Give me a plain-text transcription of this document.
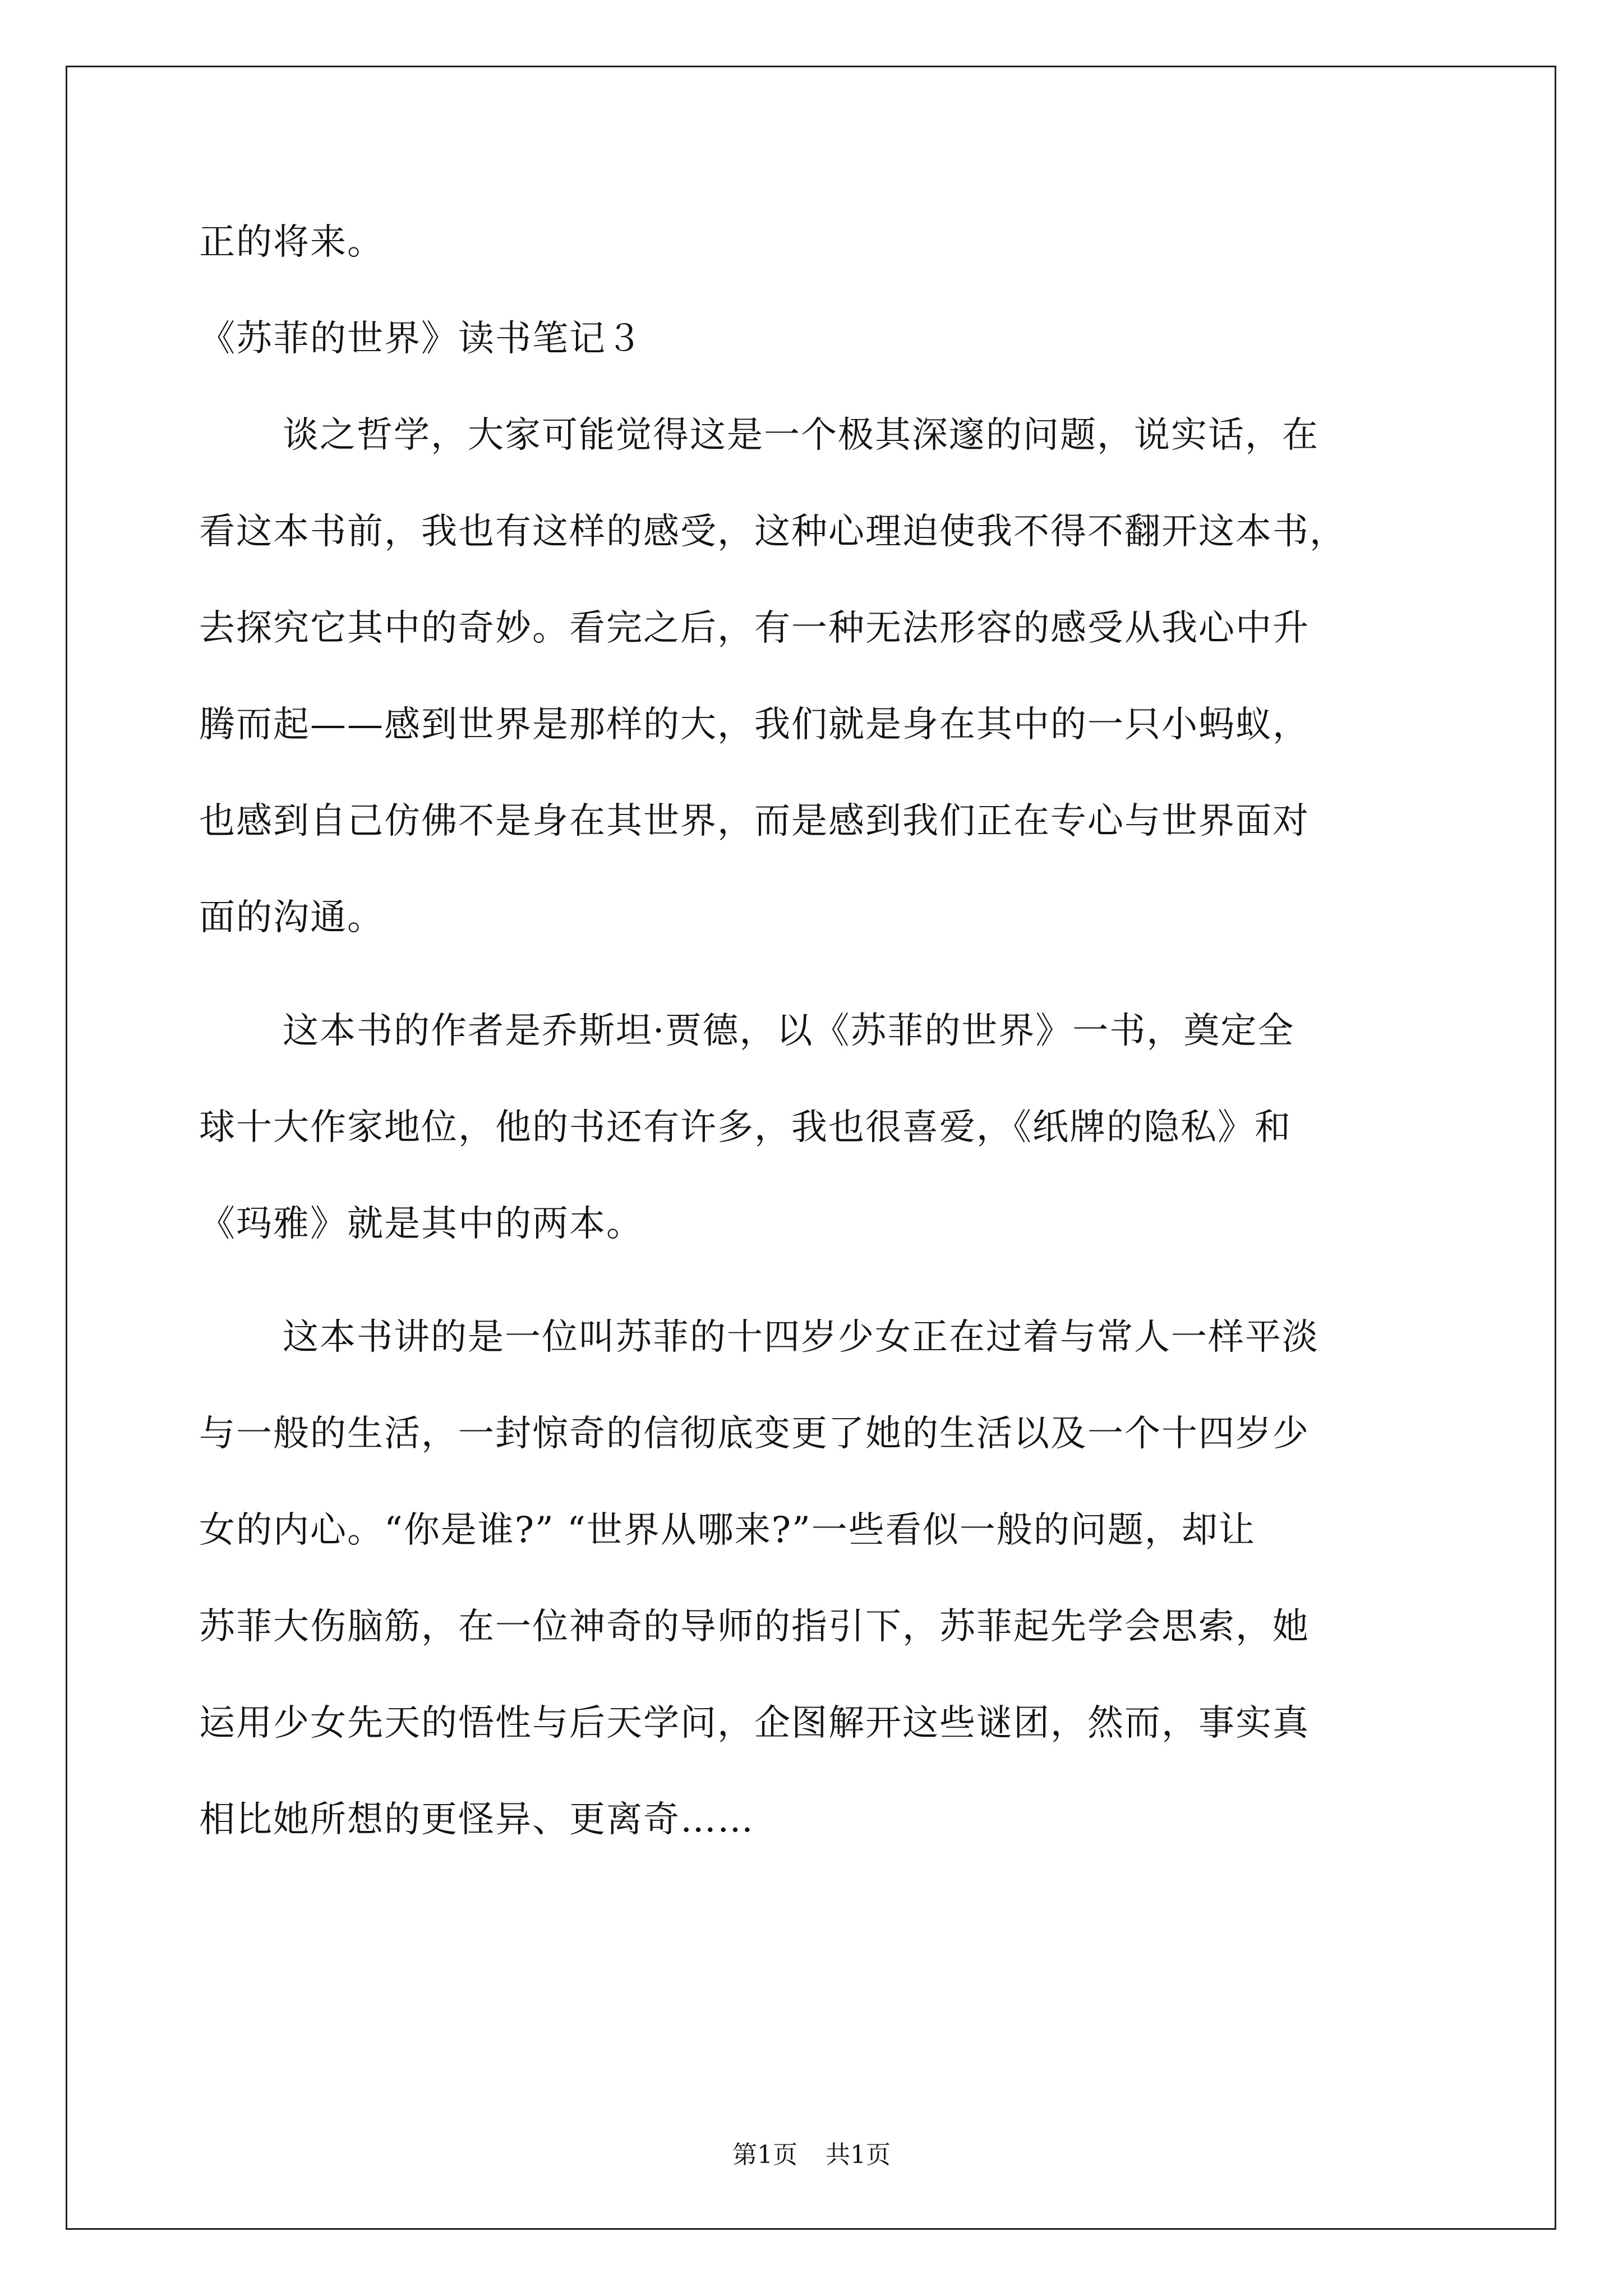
正的将来。
《苏菲的世界》读书笔记３
谈之哲学，大家可能觉得这是一个极其深邃的问题，说实话，在
看这本书前，我也有这样的感受，这种心理迫使我不得不翻开这本书，
去探究它其中的奇妙。看完之后，有一种无法形容的感受从我心中升
腾而起——感到世界是那样的大，我们就是身在其中的一只小蚂蚁，
也感到自己仿佛不是身在其世界，而是感到我们正在专心与世界面对
面的沟通。
这本书的作者是乔斯坦·贾德，以《苏菲的世界》一书，奠定全
球十大作家地位，他的书还有许多，我也很喜爱，《纸牌的隐私》和
《玛雅》就是其中的两本。
这本书讲的是一位叫苏菲的十四岁少女正在过着与常人一样平淡
与一般的生活，一封惊奇的信彻底变更了她的生活以及一个十四岁少
女的内心。“你是谁?” “世界从哪来?”一些看似一般的问题，却让
苏菲大伤脑筋，在一位神奇的导师的指引下，苏菲起先学会思索，她
运用少女先天的悟性与后天学问，企图解开这些谜团，然而，事实真
相比她所想的更怪异、更离奇……
第1页 共1页
